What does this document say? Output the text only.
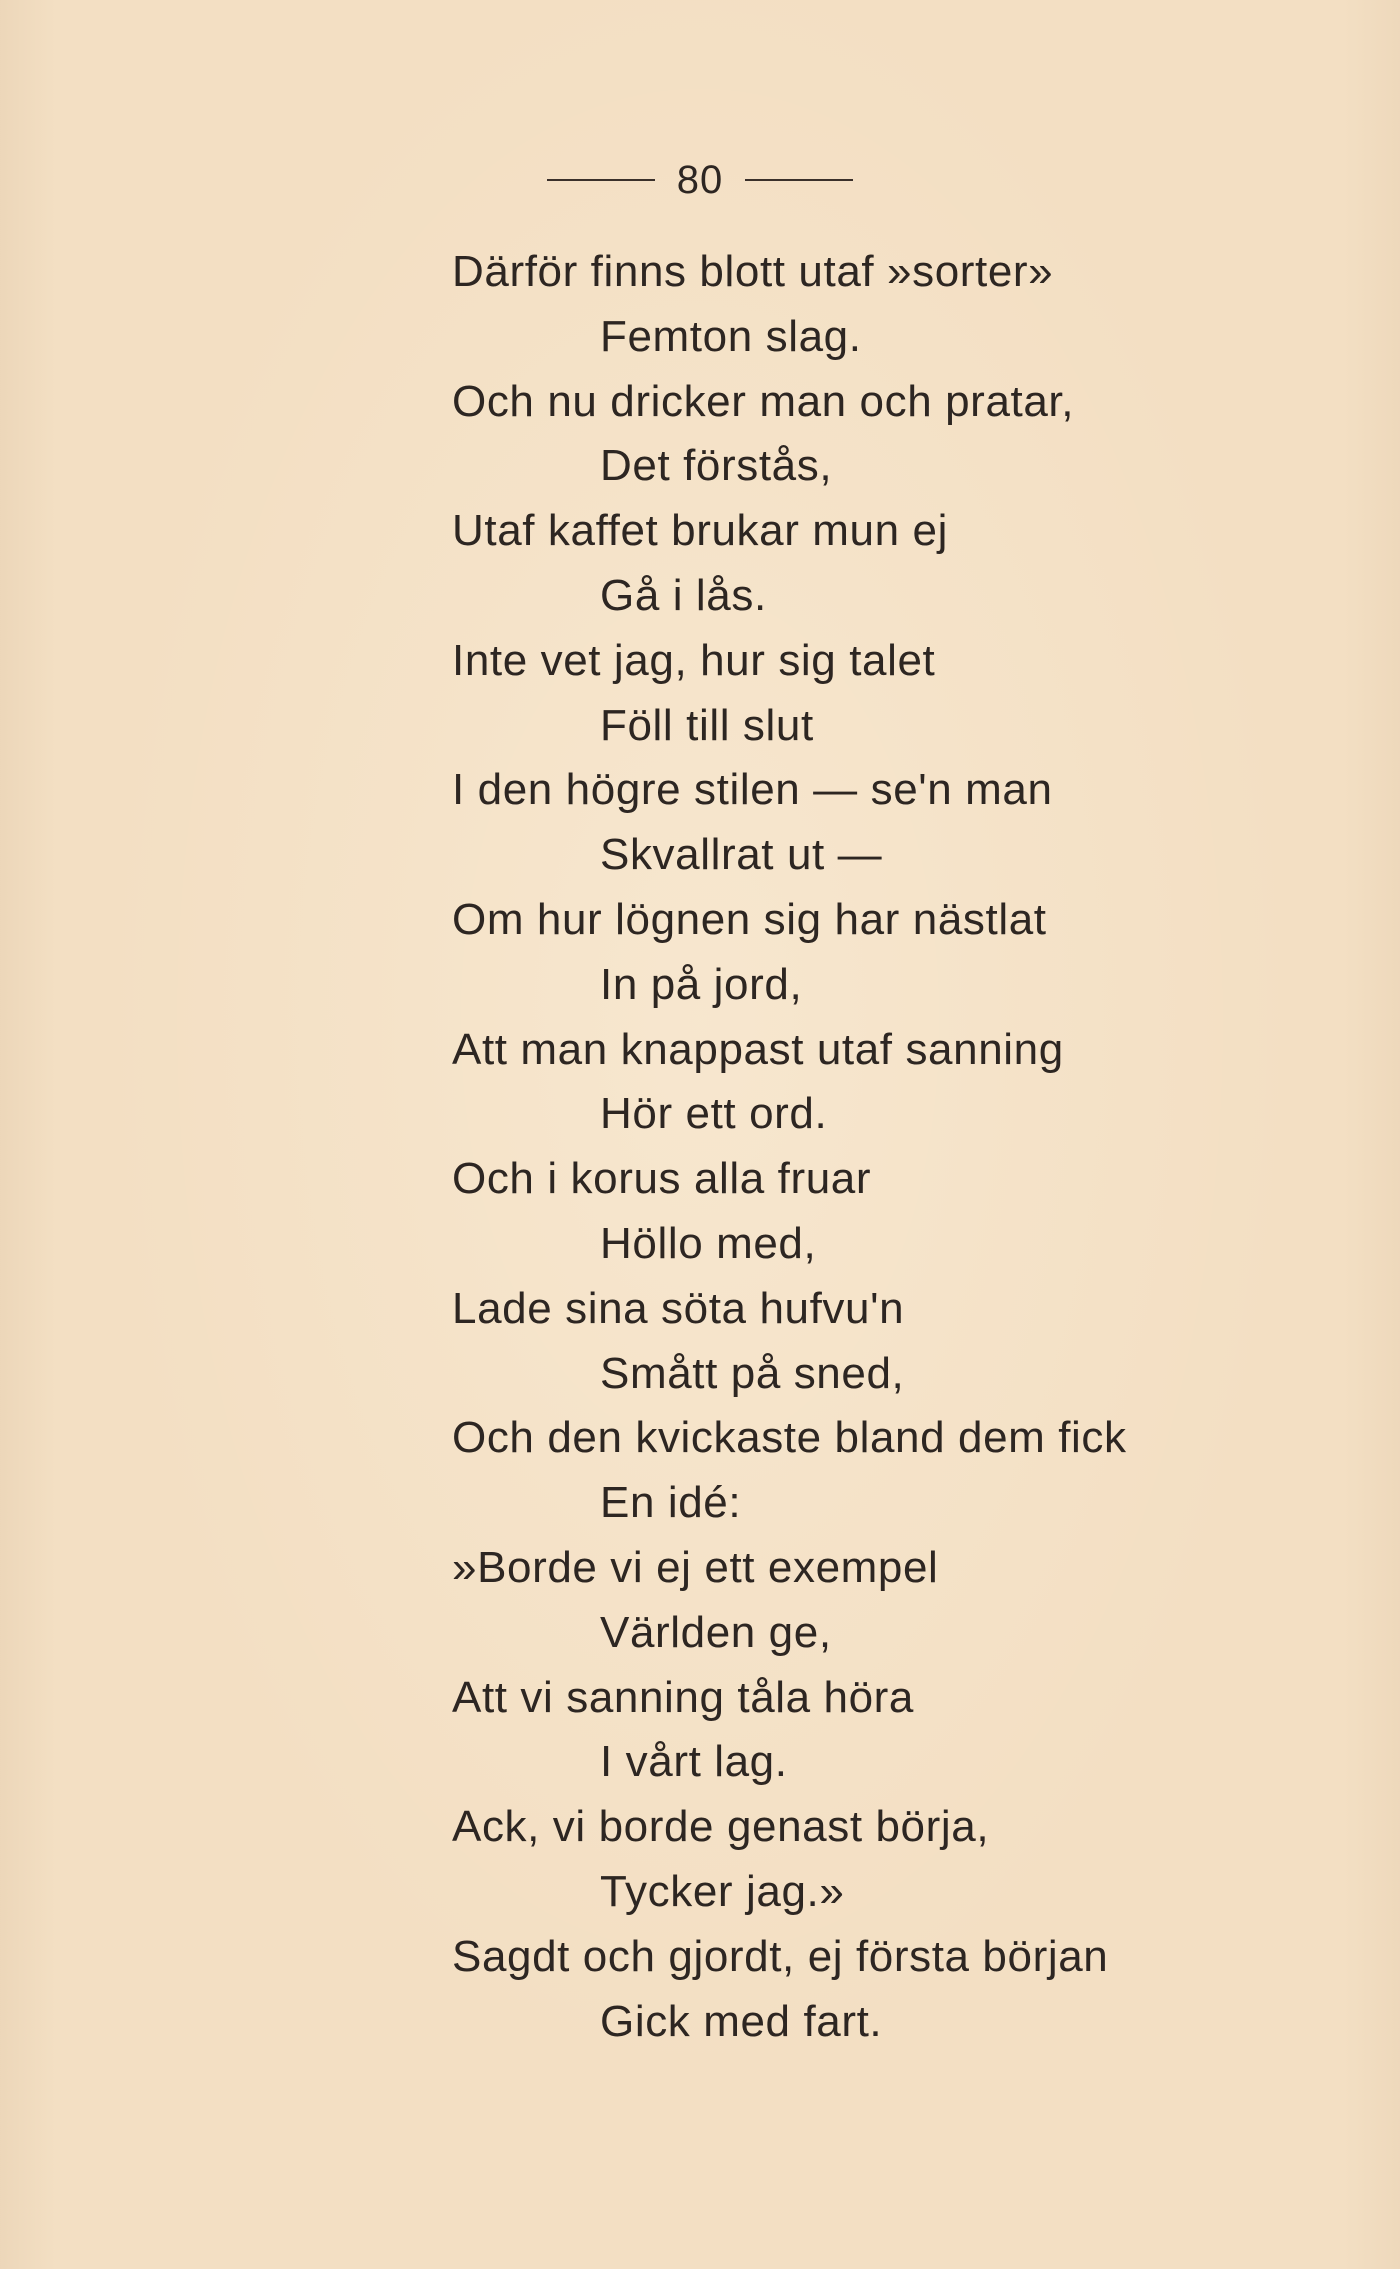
80
Därför finns blott utaf »sorter»
Femton slag.
Och nu dricker man och pratar,
Det förstås,
Utaf kaffet brukar mun ej
Gå i lås.
Inte vet jag, hur sig talet
Föll till slut
I den högre stilen — se'n man
Skvallrat ut —
Om hur lögnen sig har nästlat
In på jord,
Att man knappast utaf sanning
Hör ett ord.
Och i korus alla fruar
Höllo med,
Lade sina söta hufvu'n
Smått på sned,
Och den kvickaste bland dem fick
En idé:
»Borde vi ej ett exempel
Världen ge,
Att vi sanning tåla höra
I vårt lag.
Ack, vi borde genast börja,
Tycker jag.»
Sagdt och gjordt, ej första början
Gick med fart.
